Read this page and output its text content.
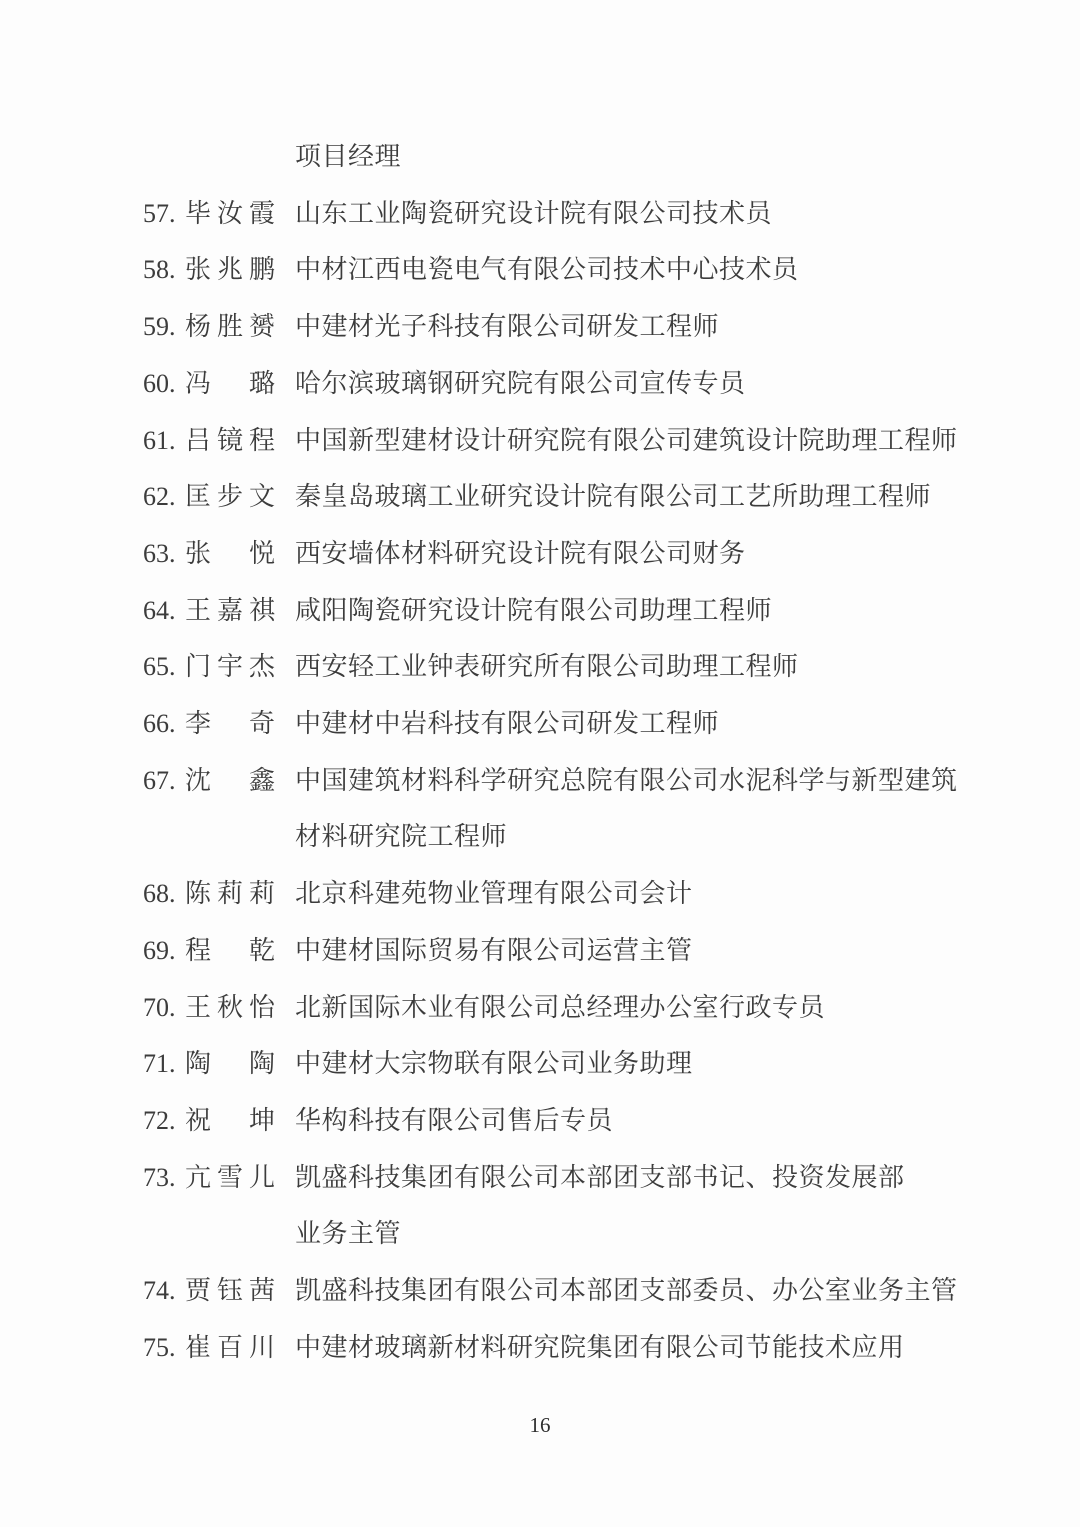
项目经理
57. 毕汝霞 山东工业陶瓷研究设计院有限公司技术员
58. 张兆鹏 中材江西电瓷电气有限公司技术中心技术员
59. 杨胜赟 中建材光子科技有限公司研发工程师
60. 冯璐 哈尔滨玻璃钢研究院有限公司宣传专员
61. 吕镜程 中国新型建材设计研究院有限公司建筑设计院助理工程师
62. 匡步文 秦皇岛玻璃工业研究设计院有限公司工艺所助理工程师
63. 张悦 西安墙体材料研究设计院有限公司财务
64. 王嘉祺 咸阳陶瓷研究设计院有限公司助理工程师
65. 门宇杰 西安轻工业钟表研究所有限公司助理工程师
66. 李奇 中建材中岩科技有限公司研发工程师
67. 沈鑫 中国建筑材料科学研究总院有限公司水泥科学与新型建筑
材料研究院工程师
68. 陈莉莉 北京科建苑物业管理有限公司会计
69. 程乾 中建材国际贸易有限公司运营主管
70. 王秋怡 北新国际木业有限公司总经理办公室行政专员
71. 陶陶 中建材大宗物联有限公司业务助理
72. 祝坤 华构科技有限公司售后专员
73. 亢雪儿 凯盛科技集团有限公司本部团支部书记、投资发展部
业务主管
74. 贾钰茜 凯盛科技集团有限公司本部团支部委员、办公室业务主管
75. 崔百川 中建材玻璃新材料研究院集团有限公司节能技术应用
16
